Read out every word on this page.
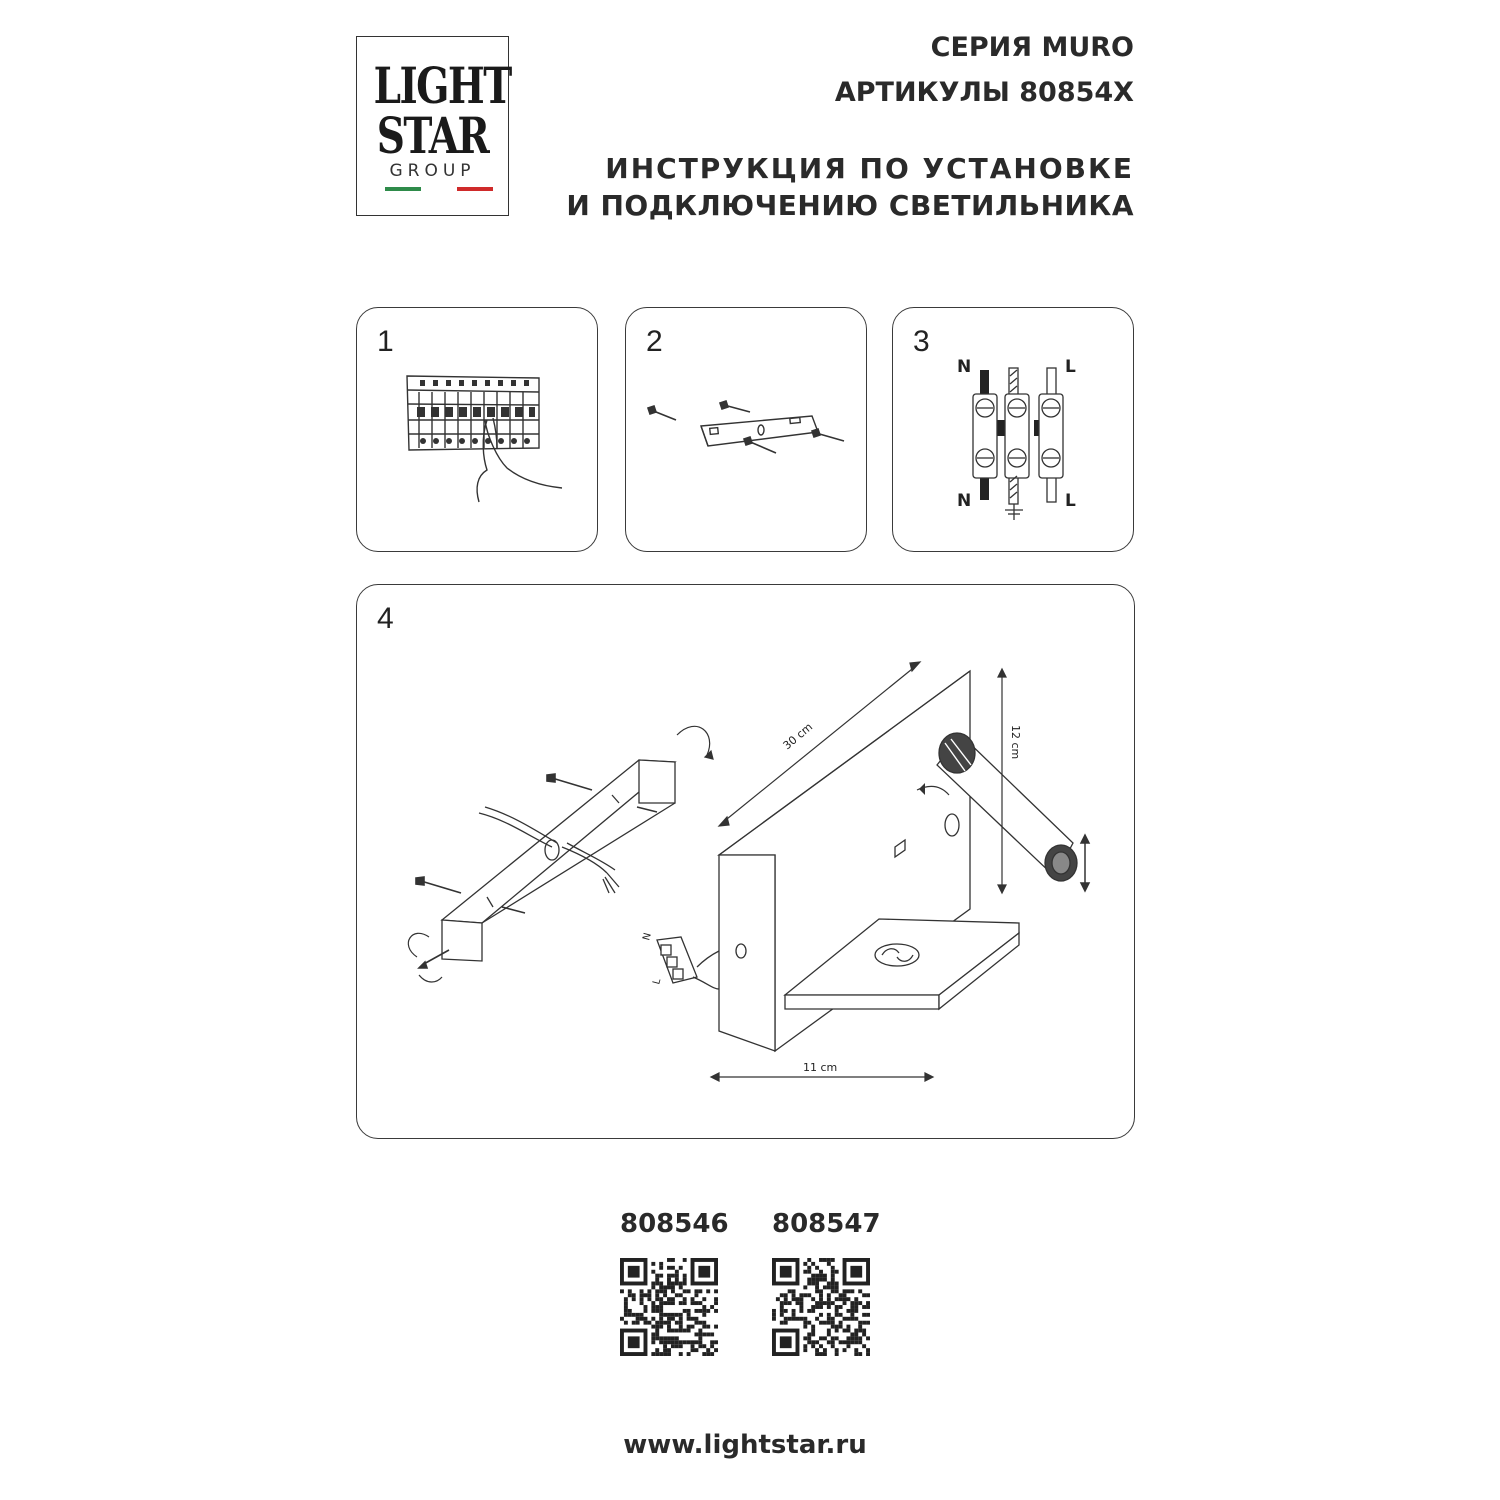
LIGHT
STAR
GROUP
СЕРИЯ MURO
АРТИКУЛЫ 80854X
ИНСТРУКЦИЯ ПО УСТАНОВКЕ
И ПОДКЛЮЧЕНИЮ СВЕТИЛЬНИКА
1	2	3
N	L
N	L
4
N
L
30 cm	12 cm
11 cm
808546 808547
www.lightstar.ru
